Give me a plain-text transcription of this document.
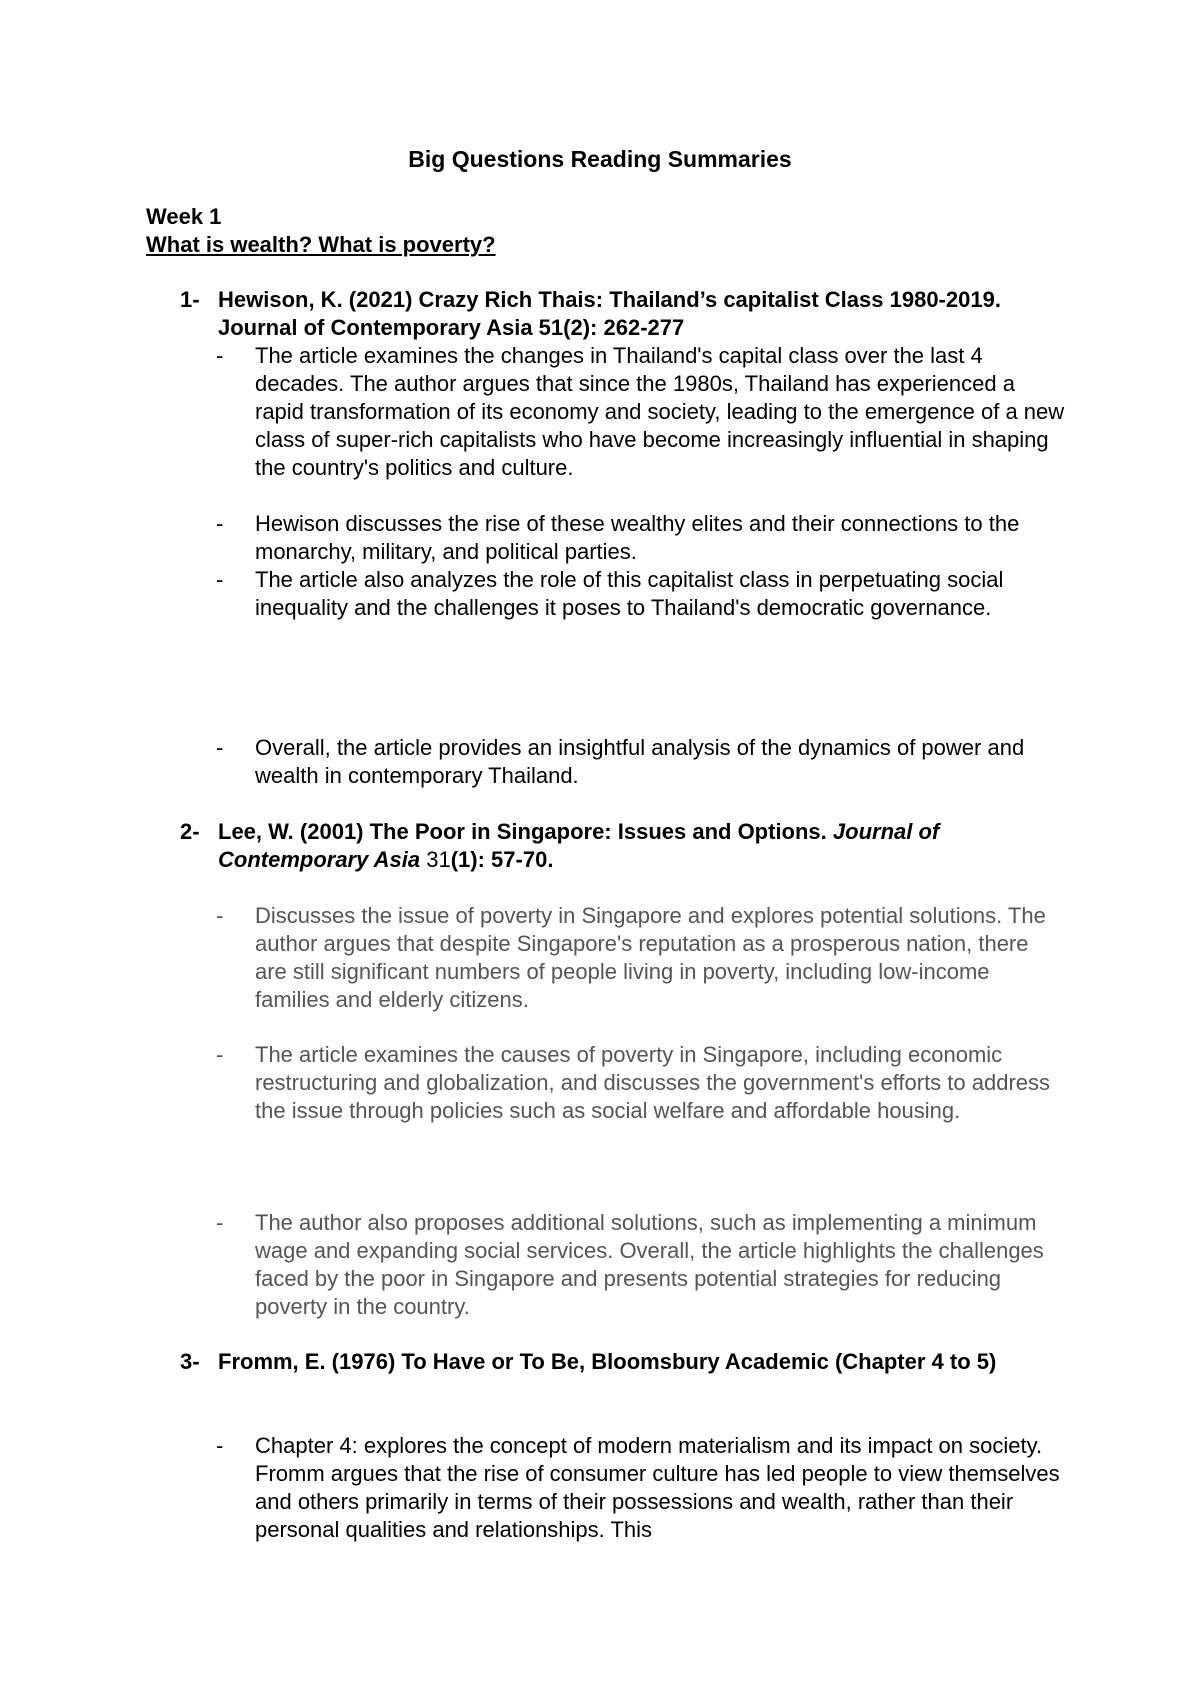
Big Questions Reading Summaries
Week 1
What is wealth? What is poverty?
1- Hewison, K. (2021) Crazy Rich Thais: Thailand’s capitalist Class 1980-2019. Journal of Contemporary Asia 51(2): 262-277
- The article examines the changes in Thailand's capital class over the last 4 decades. The author argues that since the 1980s, Thailand has experienced a rapid transformation of its economy and society, leading to the emergence of a new class of super-rich capitalists who have become increasingly influential in shaping the country's politics and culture.
- Hewison discusses the rise of these wealthy elites and their connections to the monarchy, military, and political parties.
- The article also analyzes the role of this capitalist class in perpetuating social inequality and the challenges it poses to Thailand's democratic governance.
- Overall, the article provides an insightful analysis of the dynamics of power and wealth in contemporary Thailand.
2- Lee, W. (2001) The Poor in Singapore: Issues and Options. Journal of Contemporary Asia 31(1): 57-70.
- Discusses the issue of poverty in Singapore and explores potential solutions. The author argues that despite Singapore's reputation as a prosperous nation, there are still significant numbers of people living in poverty, including low-income families and elderly citizens.
- The article examines the causes of poverty in Singapore, including economic restructuring and globalization, and discusses the government's efforts to address the issue through policies such as social welfare and affordable housing.
- The author also proposes additional solutions, such as implementing a minimum wage and expanding social services. Overall, the article highlights the challenges faced by the poor in Singapore and presents potential strategies for reducing poverty in the country.
3- Fromm, E. (1976) To Have or To Be, Bloomsbury Academic (Chapter 4 to 5)
- Chapter 4: explores the concept of modern materialism and its impact on society. Fromm argues that the rise of consumer culture has led people to view themselves and others primarily in terms of their possessions and wealth, rather than their personal qualities and relationships. This
